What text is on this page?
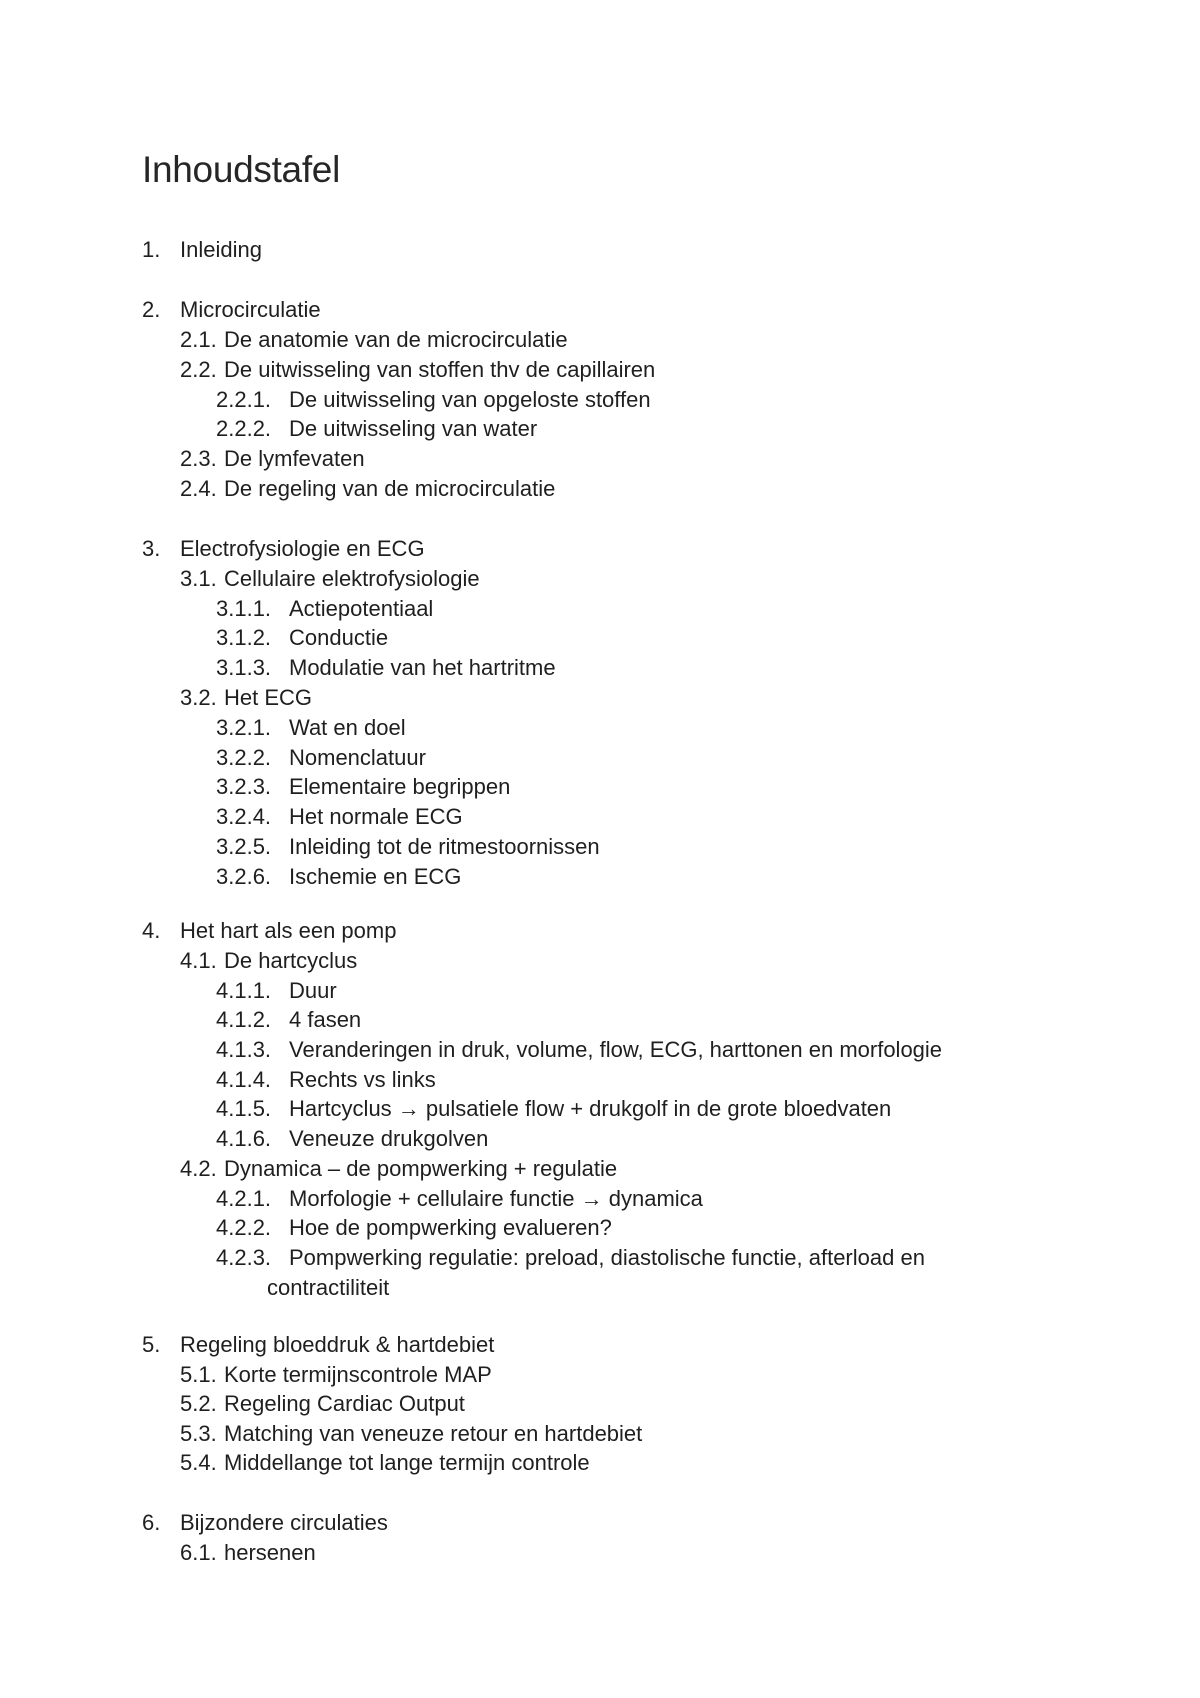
Inhoudstafel
1. Inleiding
2. Microcirculatie
2.1. De anatomie van de microcirculatie
2.2. De uitwisseling van stoffen thv de capillairen
2.2.1. De uitwisseling van opgeloste stoffen
2.2.2. De uitwisseling van water
2.3. De lymfevaten
2.4. De regeling van de microcirculatie
3. Electrofysiologie en ECG
3.1. Cellulaire elektrofysiologie
3.1.1. Actiepotentiaal
3.1.2. Conductie
3.1.3. Modulatie van het hartritme
3.2. Het ECG
3.2.1. Wat en doel
3.2.2. Nomenclatuur
3.2.3. Elementaire begrippen
3.2.4. Het normale ECG
3.2.5. Inleiding tot de ritmestoornissen
3.2.6. Ischemie en ECG
4. Het hart als een pomp
4.1. De hartcyclus
4.1.1. Duur
4.1.2. 4 fasen
4.1.3. Veranderingen in druk, volume, flow, ECG, harttonen en morfologie
4.1.4. Rechts vs links
4.1.5. Hartcyclus → pulsatiele flow + drukgolf in de grote bloedvaten
4.1.6. Veneuze drukgolven
4.2. Dynamica – de pompwerking + regulatie
4.2.1. Morfologie + cellulaire functie → dynamica
4.2.2. Hoe de pompwerking evalueren?
4.2.3. Pompwerking regulatie: preload, diastolische functie, afterload en
contractiliteit
5. Regeling bloeddruk & hartdebiet
5.1. Korte termijnscontrole MAP
5.2. Regeling Cardiac Output
5.3. Matching van veneuze retour en hartdebiet
5.4. Middellange tot lange termijn controle
6. Bijzondere circulaties
6.1. hersenen
